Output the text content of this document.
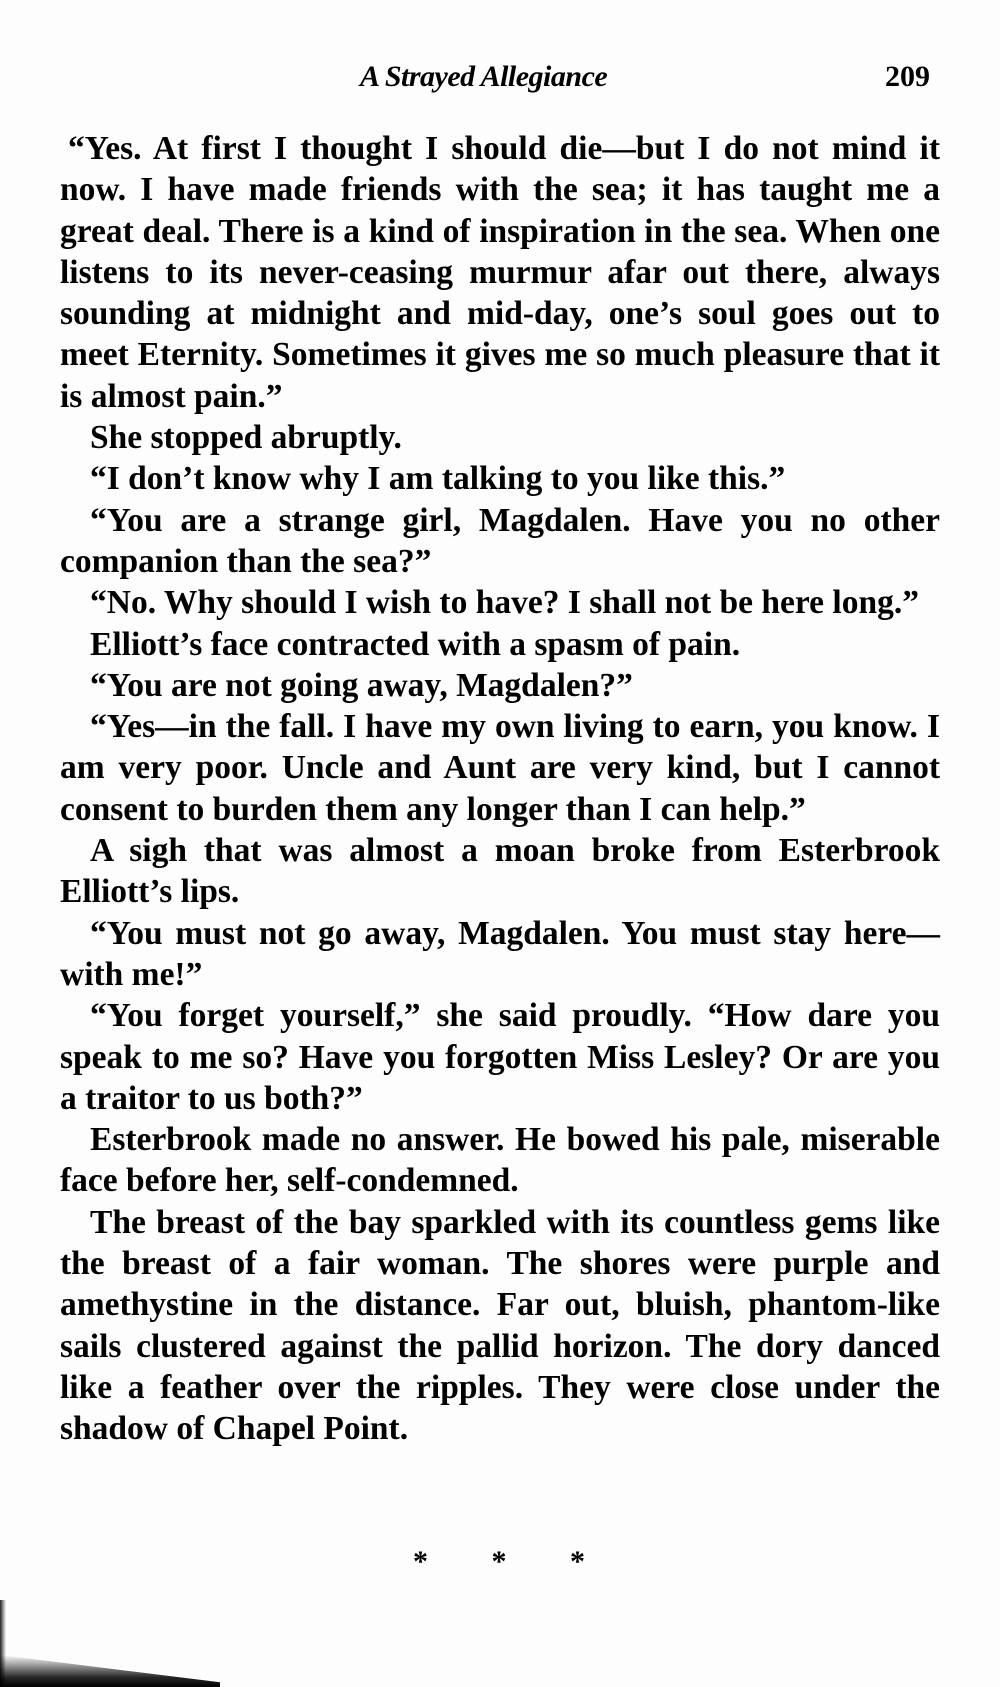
A Strayed Allegiance	209

“Yes. At first I thought I should die—but I do not mind it now. I have made friends with the sea; it has taught me a great deal. There is a kind of inspiration in the sea. When one listens to its never-ceasing murmur afar out there, always sounding at midnight and mid-day, one’s soul goes out to meet Eternity. Sometimes it gives me so much pleasure that it is almost pain.”

She stopped abruptly.

“I don’t know why I am talking to you like this.”

“You are a strange girl, Magdalen. Have you no other companion than the sea?”

“No. Why should I wish to have? I shall not be here long.”

Elliott’s face contracted with a spasm of pain.

“You are not going away, Magdalen?”

“Yes—in the fall. I have my own living to earn, you know. I am very poor. Uncle and Aunt are very kind, but I cannot consent to burden them any longer than I can help.”

A sigh that was almost a moan broke from Esterbrook Elliott’s lips.

“You must not go away, Magdalen. You must stay here—with me!”

“You forget yourself,” she said proudly. “How dare you speak to me so? Have you forgotten Miss Lesley? Or are you a traitor to us both?”

Esterbrook made no answer. He bowed his pale, miserable face before her, self-condemned.

The breast of the bay sparkled with its countless gems like the breast of a fair woman. The shores were purple and amethystine in the distance. Far out, bluish, phantom-like sails clustered against the pallid horizon. The dory danced like a feather over the ripples. They were close under the shadow of Chapel Point.

* * *
